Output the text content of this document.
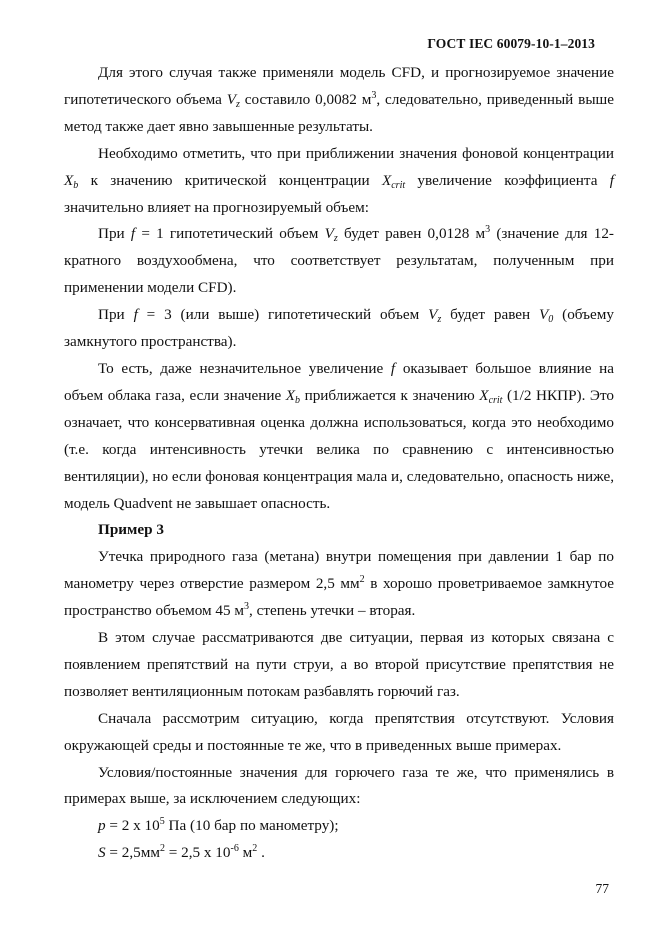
ГОСТ IEC 60079-10-1–2013

Для этого случая также применяли модель CFD, и прогнозируемое значение гипотетического объема $V_z$ составило 0,0082 $м^3$, следовательно, приведенный выше метод также дает явно завышенные результаты.

Необходимо отметить, что при приближении значения фоновой концентрации $X_b$ к значению критической концентрации $X_{crit}$ увеличение коэффициента f значительно влияет на прогнозируемый объем:

При f = 1 гипотетический объем $V_z$ будет равен 0,0128 $м^3$ (значение для 12-кратного воздухообмена, что соответствует результатам, полученным при применении модели CFD).

При f = 3 (или выше) гипотетический объем $V_z$ будет равен $V_0$ (объему замкнутого пространства).

То есть, даже незначительное увеличение f оказывает большое влияние на объем облака газа, если значение $X_b$ приближается к значению $X_{crit}$ (1/2 НКПР). Это означает, что консервативная оценка должна использоваться, когда это необходимо (т.е. когда интенсивность утечки велика по сравнению с интенсивностью вентиляции), но если фоновая концентрация мала и, следовательно, опасность ниже, модель Quadvent не завышает опасность.

Пример 3

Утечка природного газа (метана) внутри помещения при давлении 1 бар по манометру через отверстие размером 2,5 $мм^2$ в хорошо проветриваемое замкнутое пространство объемом 45 $м^3$, степень утечки – вторая.

В этом случае рассматриваются две ситуации, первая из которых связана с появлением препятствий на пути струи, а во второй присутствие препятствия не позволяет вентиляционным потокам разбавлять горючий газ.

Сначала рассмотрим ситуацию, когда препятствия отсутствуют. Условия окружающей среды и постоянные те же, что в приведенных выше примерах.

Условия/постоянные значения для горючего газа те же, что применялись в примерах выше, за исключением следующих:

p = 2 x $10^5$ Па (10 бар по манометру);

$S = 2,5мм^2 = 2,5$ x $10^{-6}$ $м^2$ .

77
